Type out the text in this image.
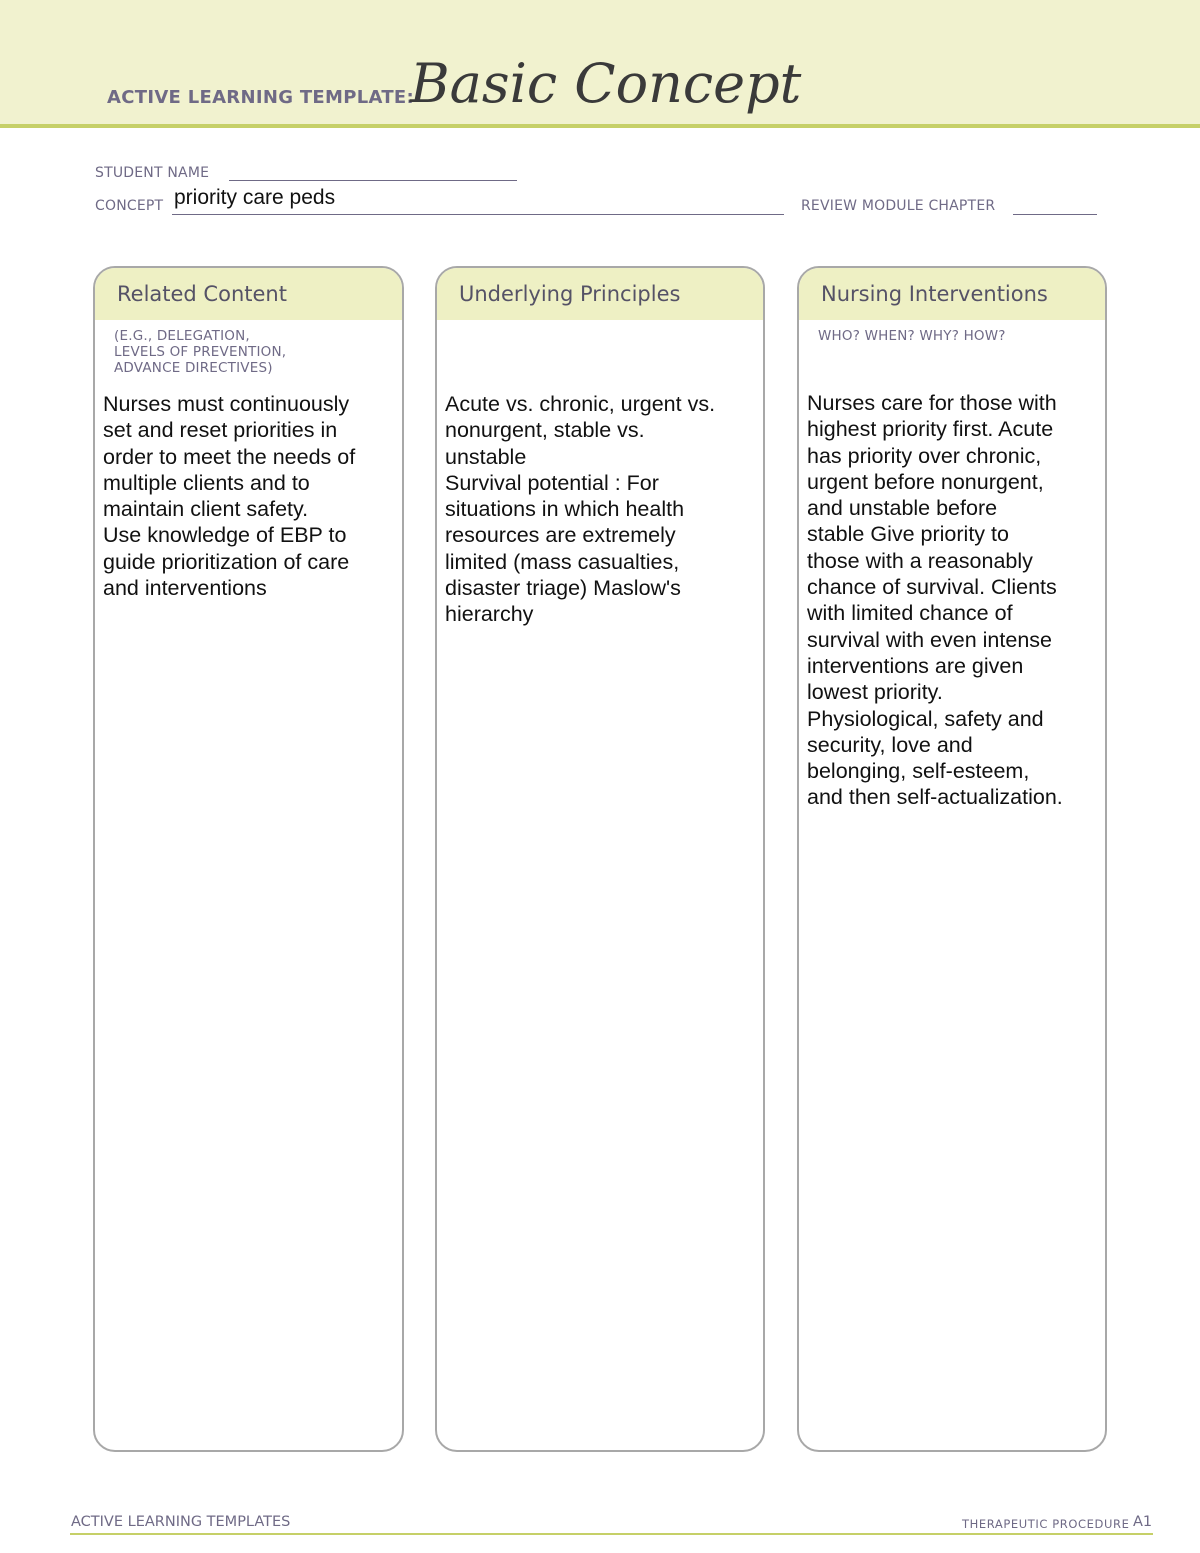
ACTIVE LEARNING TEMPLATE:
Basic Concept
STUDENT NAME
CONCEPT priority care peds	REVIEW MODULE CHAPTER
Related Content
(E.G., DELEGATION,
LEVELS OF PREVENTION,
ADVANCE DIRECTIVES)
Nurses must continuously
set and reset priorities in
order to meet the needs of
multiple clients and to
maintain client safety.
Use knowledge of EBP to
guide prioritization of care
and interventions
Underlying Principles
Acute vs. chronic, urgent vs.
nonurgent, stable vs.
unstable
Survival potential : For
situations in which health
resources are extremely
limited (mass casualties,
disaster triage) Maslow's
hierarchy
Nursing Interventions
WHO? WHEN? WHY? HOW?
Nurses care for those with
highest priority first. Acute
has priority over chronic,
urgent before nonurgent,
and unstable before
stable Give priority to
those with a reasonably
chance of survival. Clients
with limited chance of
survival with even intense
interventions are given
lowest priority.
Physiological, safety and
security, love and
belonging, self-esteem,
and then self-actualization.
ACTIVE LEARNING TEMPLATES	THERAPEUTIC PROCEDURE A1
